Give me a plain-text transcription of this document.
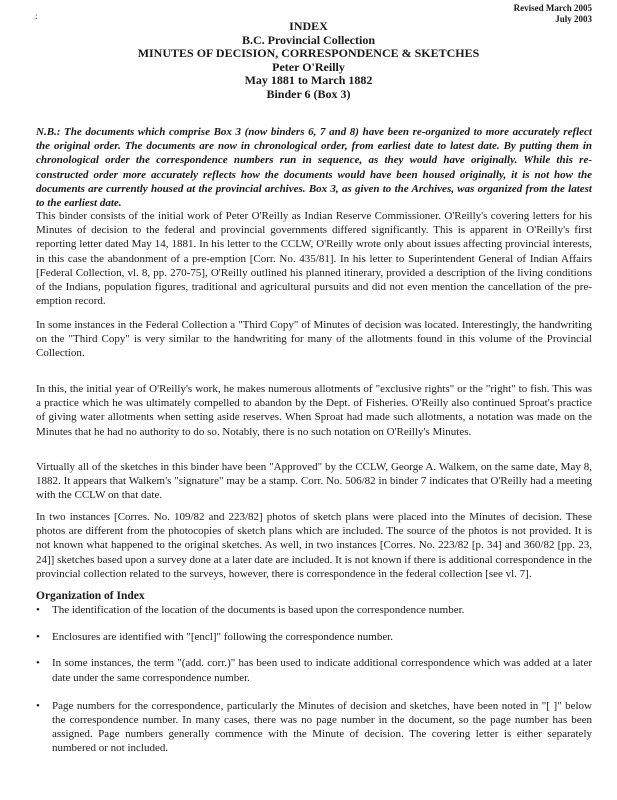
:
Revised March 2005
July 2003
INDEX
B.C. Provincial Collection
MINUTES OF DECISION, CORRESPONDENCE & SKETCHES
Peter O'Reilly
May 1881 to March 1882
Binder 6 (Box 3)
N.B.: The documents which comprise Box 3 (now binders 6, 7 and 8) have been re-organized to more accurately reflect the original order. The documents are now in chronological order, from earliest date to latest date. By putting them in chronological order the correspondence numbers run in sequence, as they would have originally. While this re-constructed order more accurately reflects how the documents would have been housed originally, it is not how the documents are currently housed at the provincial archives. Box 3, as given to the Archives, was organized from the latest to the earliest date.
This binder consists of the initial work of Peter O'Reilly as Indian Reserve Commissioner. O'Reilly's covering letters for his Minutes of decision to the federal and provincial governments differed significantly. This is apparent in O'Reilly's first reporting letter dated May 14, 1881. In his letter to the CCLW, O'Reilly wrote only about issues affecting provincial interests, in this case the abandonment of a pre-emption [Corr. No. 435/81]. In his letter to Superintendent General of Indian Affairs [Federal Collection, vl. 8, pp. 270-75], O'Reilly outlined his planned itinerary, provided a description of the living conditions of the Indians, population figures, traditional and agricultural pursuits and did not even mention the cancellation of the pre-emption record.
In some instances in the Federal Collection a "Third Copy" of Minutes of decision was located. Interestingly, the handwriting on the "Third Copy" is very similar to the handwriting for many of the allotments found in this volume of the Provincial Collection.
In this, the initial year of O'Reilly's work, he makes numerous allotments of "exclusive rights" or the "right" to fish. This was a practice which he was ultimately compelled to abandon by the Dept. of Fisheries. O'Reilly also continued Sproat's practice of giving water allotments when setting aside reserves. When Sproat had made such allotments, a notation was made on the Minutes that he had no authority to do so. Notably, there is no such notation on O'Reilly's Minutes.
Virtually all of the sketches in this binder have been "Approved" by the CCLW, George A. Walkem, on the same date, May 8, 1882. It appears that Walkem's "signature" may be a stamp. Corr. No. 506/82 in binder 7 indicates that O'Reilly had a meeting with the CCLW on that date.
In two instances [Corres. No. 109/82 and 223/82] photos of sketch plans were placed into the Minutes of decision. These photos are different from the photocopies of sketch plans which are included. The source of the photos is not provided. It is not known what happened to the original sketches. As well, in two instances [Corres. No. 223/82 [p. 34] and 360/82 [pp. 23, 24]] sketches based upon a survey done at a later date are included. It is not known if there is additional correspondence in the provincial collection related to the surveys, however, there is correspondence in the federal collection [see vl. 7].
Organization of Index
• The identification of the location of the documents is based upon the correspondence number.
• Enclosures are identified with "[encl]" following the correspondence number.
• In some instances, the term "(add. corr.)" has been used to indicate additional correspondence which was added at a later date under the same correspondence number.
• Page numbers for the correspondence, particularly the Minutes of decision and sketches, have been noted in "[ ]" below the correspondence number. In many cases, there was no page number in the document, so the page number has been assigned. Page numbers generally commence with the Minute of decision. The covering letter is either separately numbered or not included.
